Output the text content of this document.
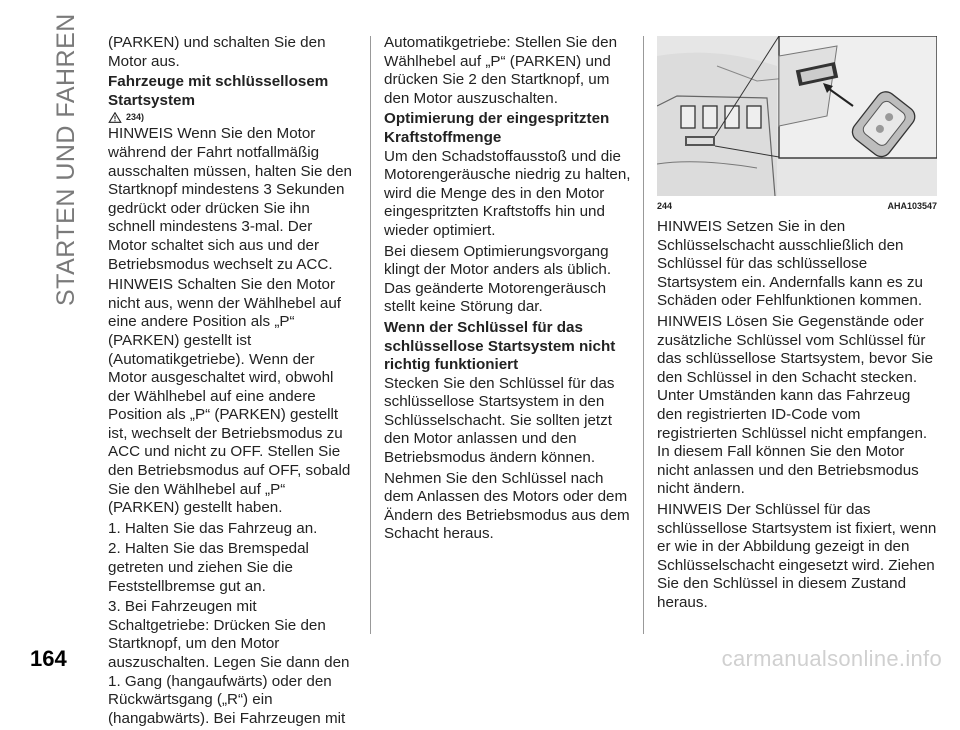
STARTEN UND FAHREN (PARKEN) und schalten Sie den Motor aus.

Fahrzeuge mit schlüssellosem Startsystem
234)

HINWEIS Wenn Sie den Motor während der Fahrt notfallmäßig ausschalten müssen, halten Sie den Startknopf mindestens 3 Sekunden gedrückt oder drücken Sie ihn schnell mindestens 3-mal. Der Motor schaltet sich aus und der Betriebsmodus wechselt zu ACC.

HINWEIS Schalten Sie den Motor nicht aus, wenn der Wählhebel auf eine andere Position als „P“ (PARKEN) gestellt ist (Automatikgetriebe). Wenn der Motor ausgeschaltet wird, obwohl der Wählhebel auf eine andere Position als „P“ (PARKEN) gestellt ist, wechselt der Betriebsmodus zu ACC und nicht zu OFF. Stellen Sie den Betriebsmodus auf OFF, sobald Sie den Wählhebel auf „P“ (PARKEN) gestellt haben.

1. Halten Sie das Fahrzeug an.

2. Halten Sie das Bremspedal getreten und ziehen Sie die Feststellbremse gut an.

3. Bei Fahrzeugen mit Schaltgetriebe: Drücken Sie den Startknopf, um den Motor auszuschalten. Legen Sie dann den 1. Gang (hangaufwärts) oder den Rückwärtsgang („R“) ein (hangabwärts). Bei Fahrzeugen mit

Automatikgetriebe: Stellen Sie den Wählhebel auf „P“ (PARKEN) und drücken Sie 2 den Startknopf, um den Motor auszuschalten.

Optimierung der eingespritzten Kraftstoffmenge

Um den Schadstoffausstoß und die Motorengeräusche niedrig zu halten, wird die Menge des in den Motor eingespritzten Kraftstoffs hin und wieder optimiert.

Bei diesem Optimierungsvorgang klingt der Motor anders als üblich. Das geänderte Motorengeräusch stellt keine Störung dar.

Wenn der Schlüssel für das schlüssellose Startsystem nicht richtig funktioniert

Stecken Sie den Schlüssel für das schlüssellose Startsystem in den Schlüsselschacht. Sie sollten jetzt den Motor anlassen und den Betriebsmodus ändern können.

Nehmen Sie den Schlüssel nach dem Anlassen des Motors oder dem Ändern des Betriebsmodus aus dem Schacht heraus.

244	AHA103547

HINWEIS Setzen Sie in den Schlüsselschacht ausschließlich den Schlüssel für das schlüssellose Startsystem ein. Andernfalls kann es zu Schäden oder Fehlfunktionen kommen.

HINWEIS Lösen Sie Gegenstände oder zusätzliche Schlüssel vom Schlüssel für das schlüssellose Startsystem, bevor Sie den Schlüssel in den Schacht stecken. Unter Umständen kann das Fahrzeug den registrierten ID-Code vom registrierten Schlüssel nicht empfangen. In diesem Fall können Sie den Motor nicht anlassen und den Betriebsmodus nicht ändern.

HINWEIS Der Schlüssel für das schlüssellose Startsystem ist fixiert, wenn er wie in der Abbildung gezeigt in den Schlüsselschacht eingesetzt wird. Ziehen Sie den Schlüssel in diesem Zustand heraus.

164	carmanualsonline.info
